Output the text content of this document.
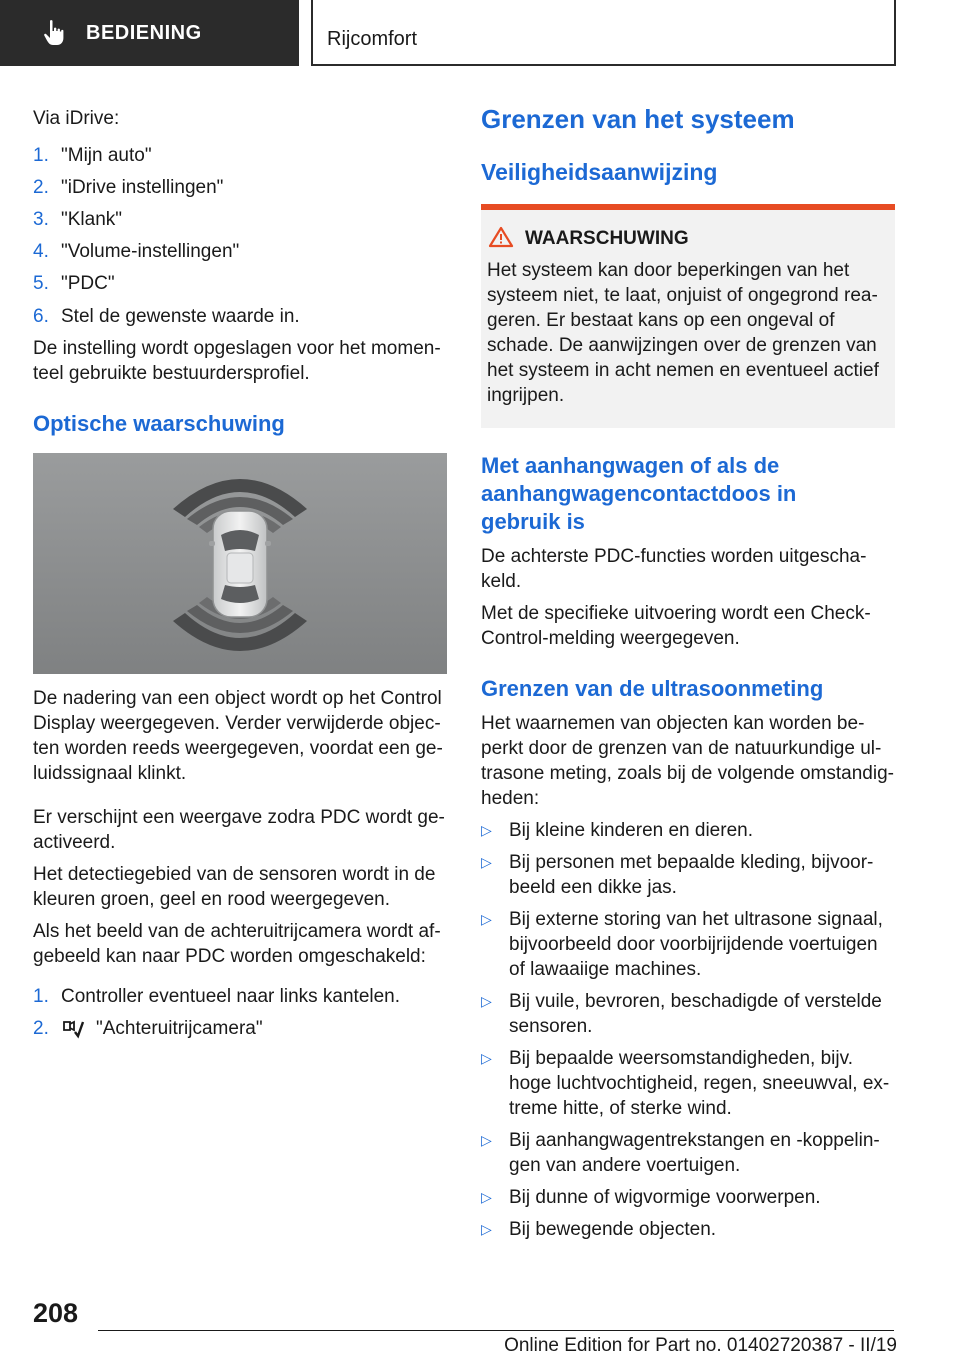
BEDIENING	Rijcomfort
Via iDrive:
1. "Mijn auto"
2. "iDrive instellingen"
3. "Klank"
4. "Volume-instellingen"
5. "PDC"
6. Stel de gewenste waarde in.
De instelling wordt opgeslagen voor het momen-
teel gebruikte bestuurdersprofiel.
Optische waarschuwing
De nadering van een object wordt op het Control
Display weergegeven. Verder verwijderde objec-
ten worden reeds weergegeven, voordat een ge-
luidssignaal klinkt.
Er verschijnt een weergave zodra PDC wordt ge-
activeerd.
Het detectiegebied van de sensoren wordt in de
kleuren groen, geel en rood weergegeven.
Als het beeld van de achteruitrijcamera wordt af-
gebeeld kan naar PDC worden omgeschakeld:
1. Controller eventueel naar links kantelen.
2. "Achteruitrijcamera"
Grenzen van het systeem
Veiligheidsaanwijzing
WAARSCHUWING
Het systeem kan door beperkingen van het
systeem niet, te laat, onjuist of ongegrond rea-
geren. Er bestaat kans op een ongeval of
schade. De aanwijzingen over de grenzen van
het systeem in acht nemen en eventueel actief
ingrijpen.
Met aanhangwagen of als de
aanhangwagencontactdoos in
gebruik is
De achterste PDC-functies worden uitgescha-
keld.
Met de specifieke uitvoering wordt een Check-
Control-melding weergegeven.
Grenzen van de ultrasoonmeting
Het waarnemen van objecten kan worden be-
perkt door de grenzen van de natuurkundige ul-
trasone meting, zoals bij de volgende omstandig-
heden:
▷ Bij kleine kinderen en dieren.
▷ Bij personen met bepaalde kleding, bijvoor-
beeld een dikke jas.
▷ Bij externe storing van het ultrasone signaal,
bijvoorbeeld door voorbijrijdende voertuigen
of lawaaiige machines.
▷ Bij vuile, bevroren, beschadigde of verstelde
sensoren.
▷ Bij bepaalde weersomstandigheden, bijv.
hoge luchtvochtigheid, regen, sneeuwval, ex-
treme hitte, of sterke wind.
▷ Bij aanhangwagentrekstangen en -koppelin-
gen van andere voertuigen.
▷ Bij dunne of wigvormige voorwerpen.
▷ Bij bewegende objecten.
208
Online Edition for Part no. 01402720387 - II/19
